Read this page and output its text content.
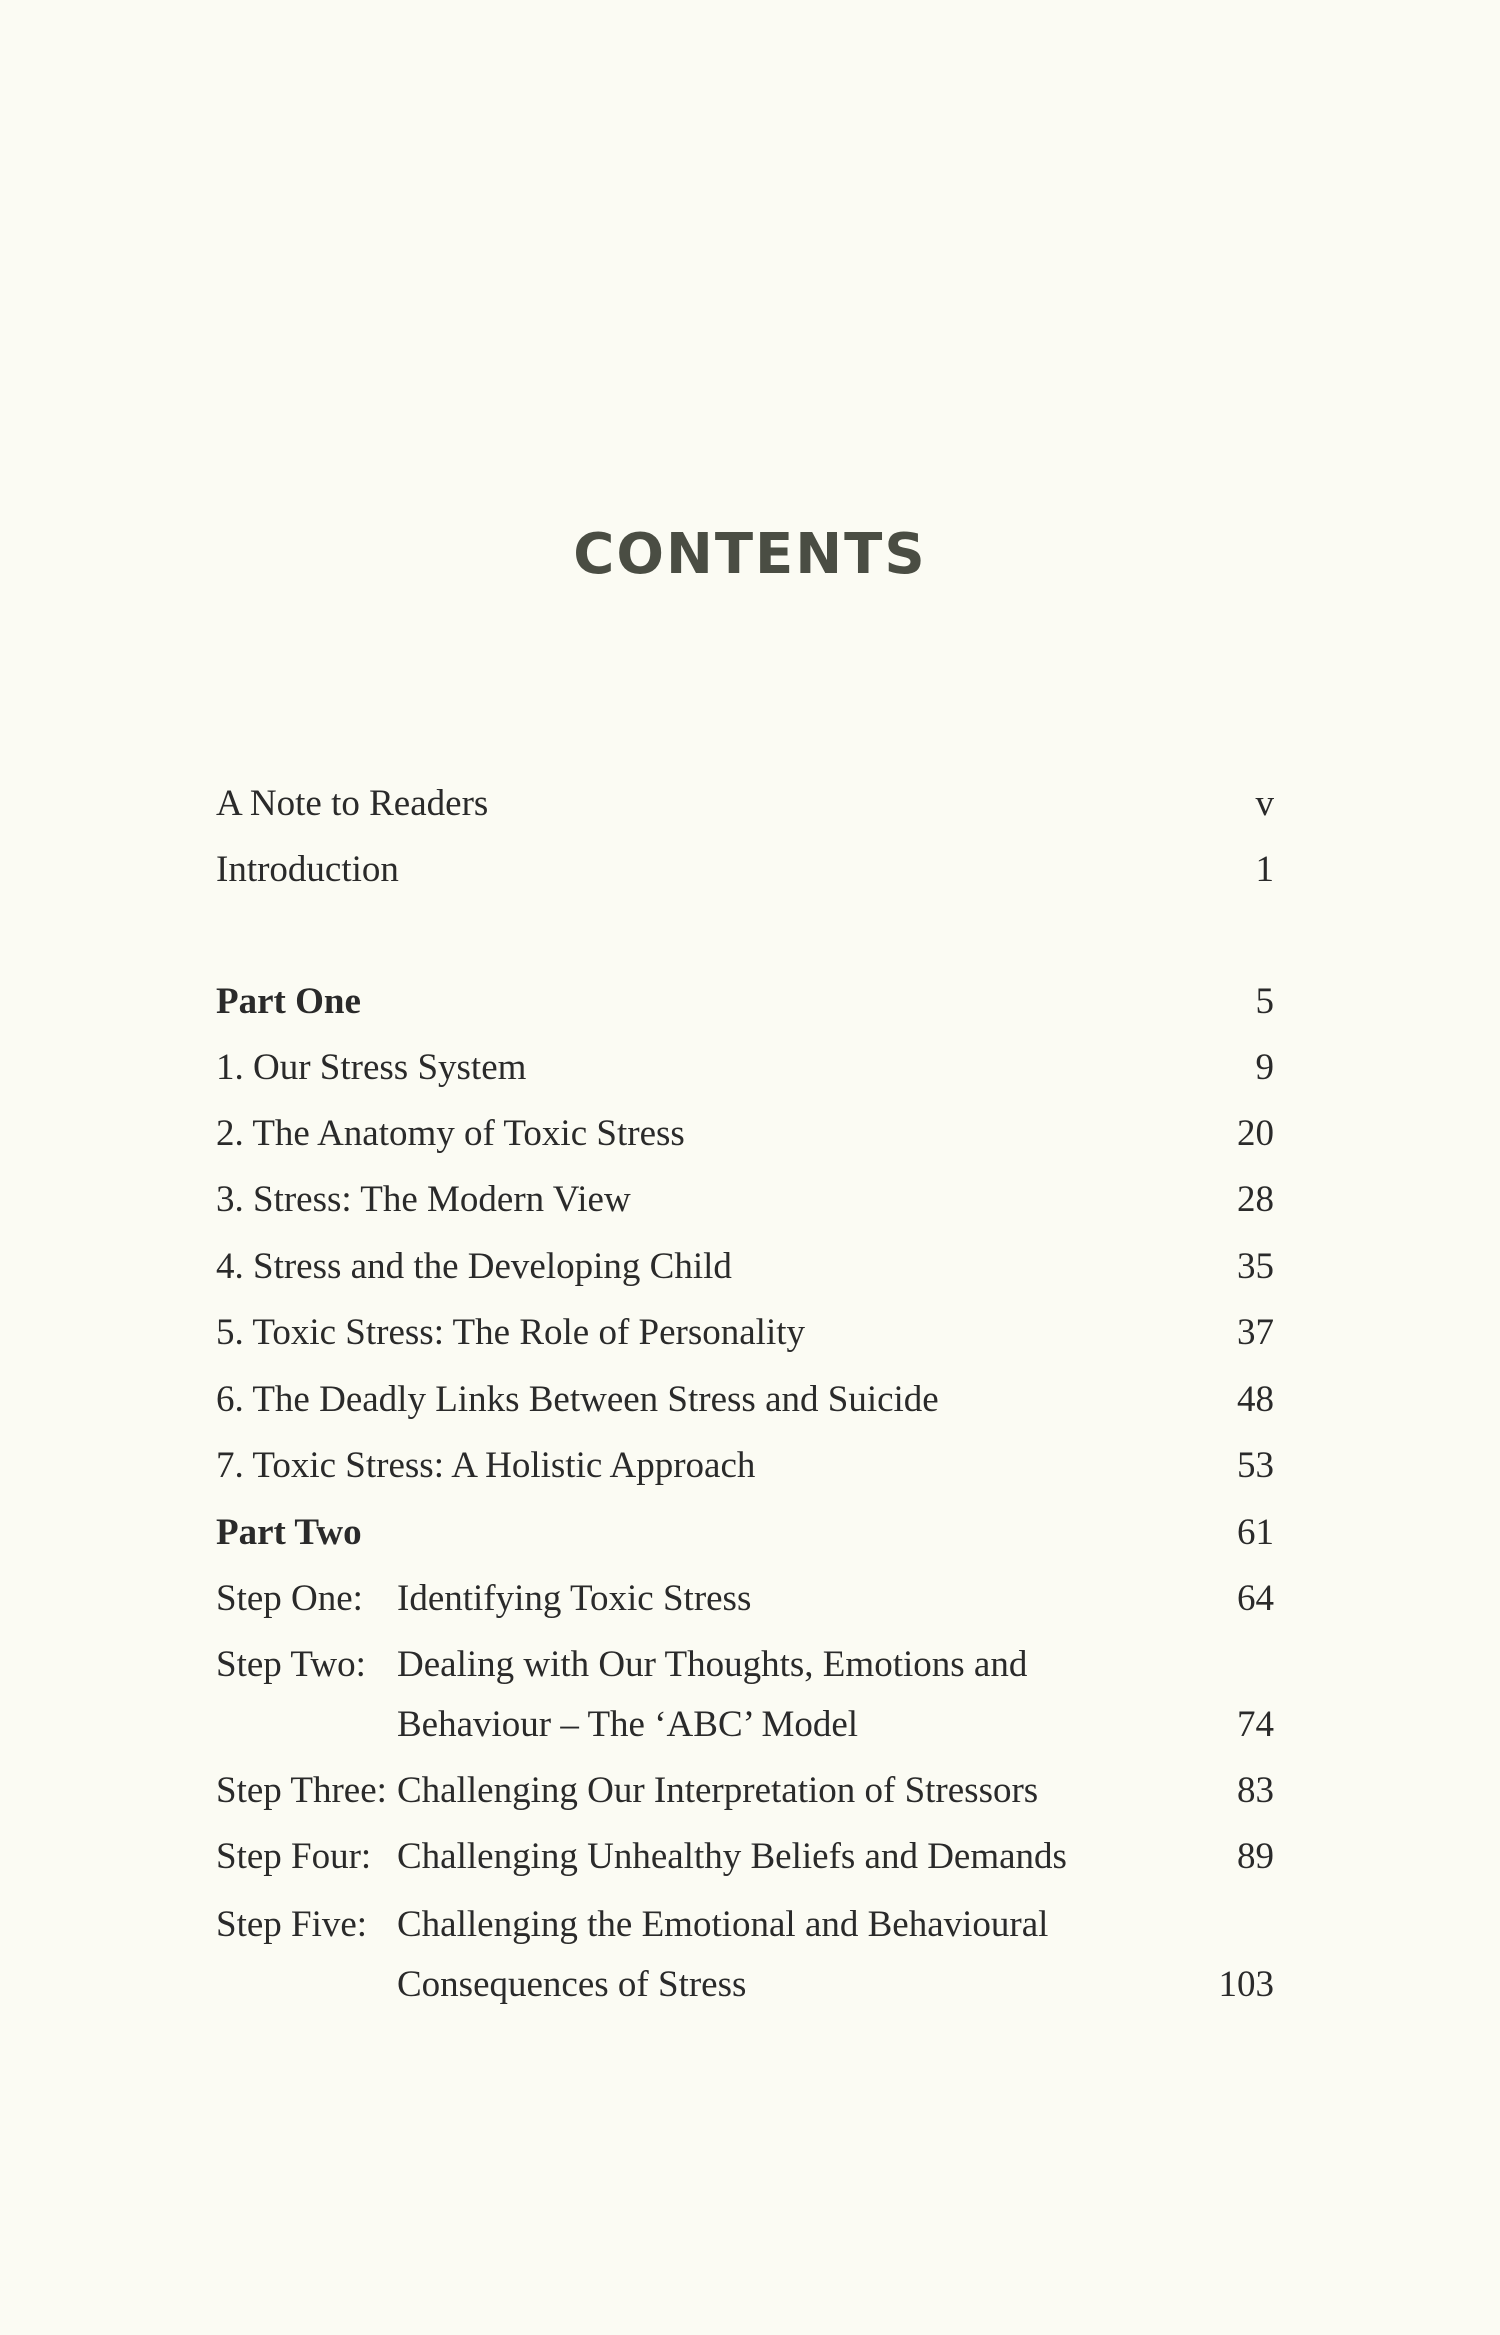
CONTENTS
A Note to Readers	v
Introduction	1
Part One	5
1. Our Stress System	9
2. The Anatomy of Toxic Stress	20
3. Stress: The Modern View	28
4. Stress and the Developing Child	35
5. Toxic Stress: The Role of Personality	37
6. The Deadly Links Between Stress and Suicide	48
7. Toxic Stress: A Holistic Approach	53
Part Two	61
Step One: Identifying Toxic Stress	64
Step Two: Dealing with Our Thoughts, Emotions and
Behaviour – The ‘ABC’ Model	74
Step Three: Challenging Our Interpretation of Stressors	83
Step Four: Challenging Unhealthy Beliefs and Demands	89
Step Five: Challenging the Emotional and Behavioural
Consequences of Stress	103
